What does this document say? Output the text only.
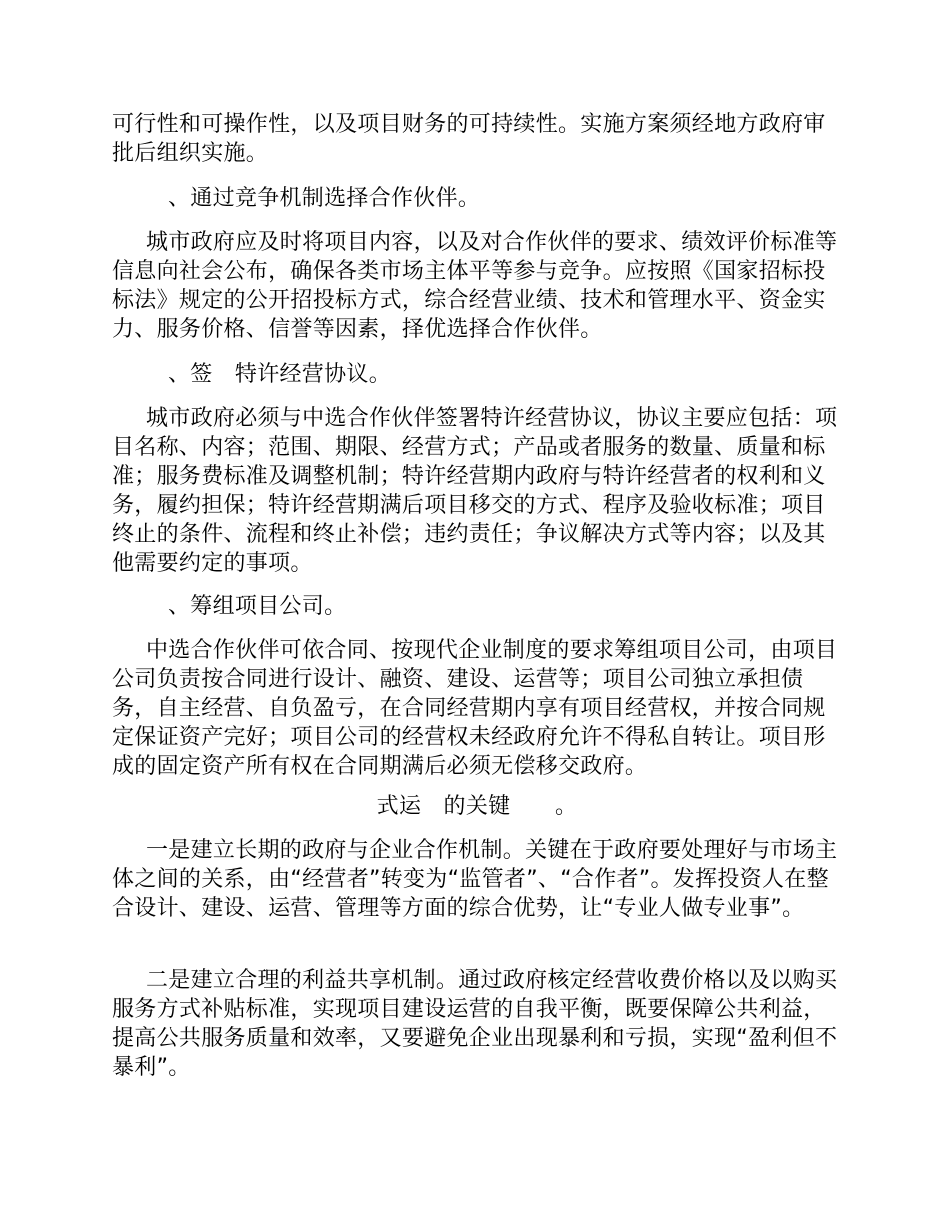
可行性和可操作性，以及项目财务的可持续性。实施方案须经地方政府审批后组织实施。

、通过竞争机制选择合作伙伴。

城市政府应及时将项目内容，以及对合作伙伴的要求、绩效评价标准等信息向社会公布，确保各类市场主体平等参与竞争。应按照《国家招标投标法》规定的公开招投标方式，综合经营业绩、技术和管理水平、资金实力、服务价格、信誉等因素，择优选择合作伙伴。

、签　特许经营协议。

城市政府必须与中选合作伙伴签署特许经营协议，协议主要应包括：项目名称、内容；范围、期限、经营方式；产品或者服务的数量、质量和标准；服务费标准及调整机制；特许经营期内政府与特许经营者的权利和义务，履约担保；特许经营期满后项目移交的方式、程序及验收标准；项目终止的条件、流程和终止补偿；违约责任；争议解决方式等内容；以及其他需要约定的事项。

、筹组项目公司。

中选合作伙伴可依合同、按现代企业制度的要求筹组项目公司，由项目公司负责按合同进行设计、融资、建设、运营等；项目公司独立承担债务，自主经营、自负盈亏，在合同经营期内享有项目经营权，并按合同规定保证资产完好；项目公司的经营权未经政府允许不得私自转让。项目形成的固定资产所有权在合同期满后必须无偿移交政府。

式运　的关键　　。

一是建立长期的政府与企业合作机制。关键在于政府要处理好与市场主体之间的关系，由“经营者”转变为“监管者”、“合作者”。发挥投资人在整合设计、建设、运营、管理等方面的综合优势，让“专业人做专业事”。

二是建立合理的利益共享机制。通过政府核定经营收费价格以及以购买服务方式补贴标准，实现项目建设运营的自我平衡，既要保障公共利益，提高公共服务质量和效率，又要避免企业出现暴利和亏损，实现“盈利但不暴利”。
